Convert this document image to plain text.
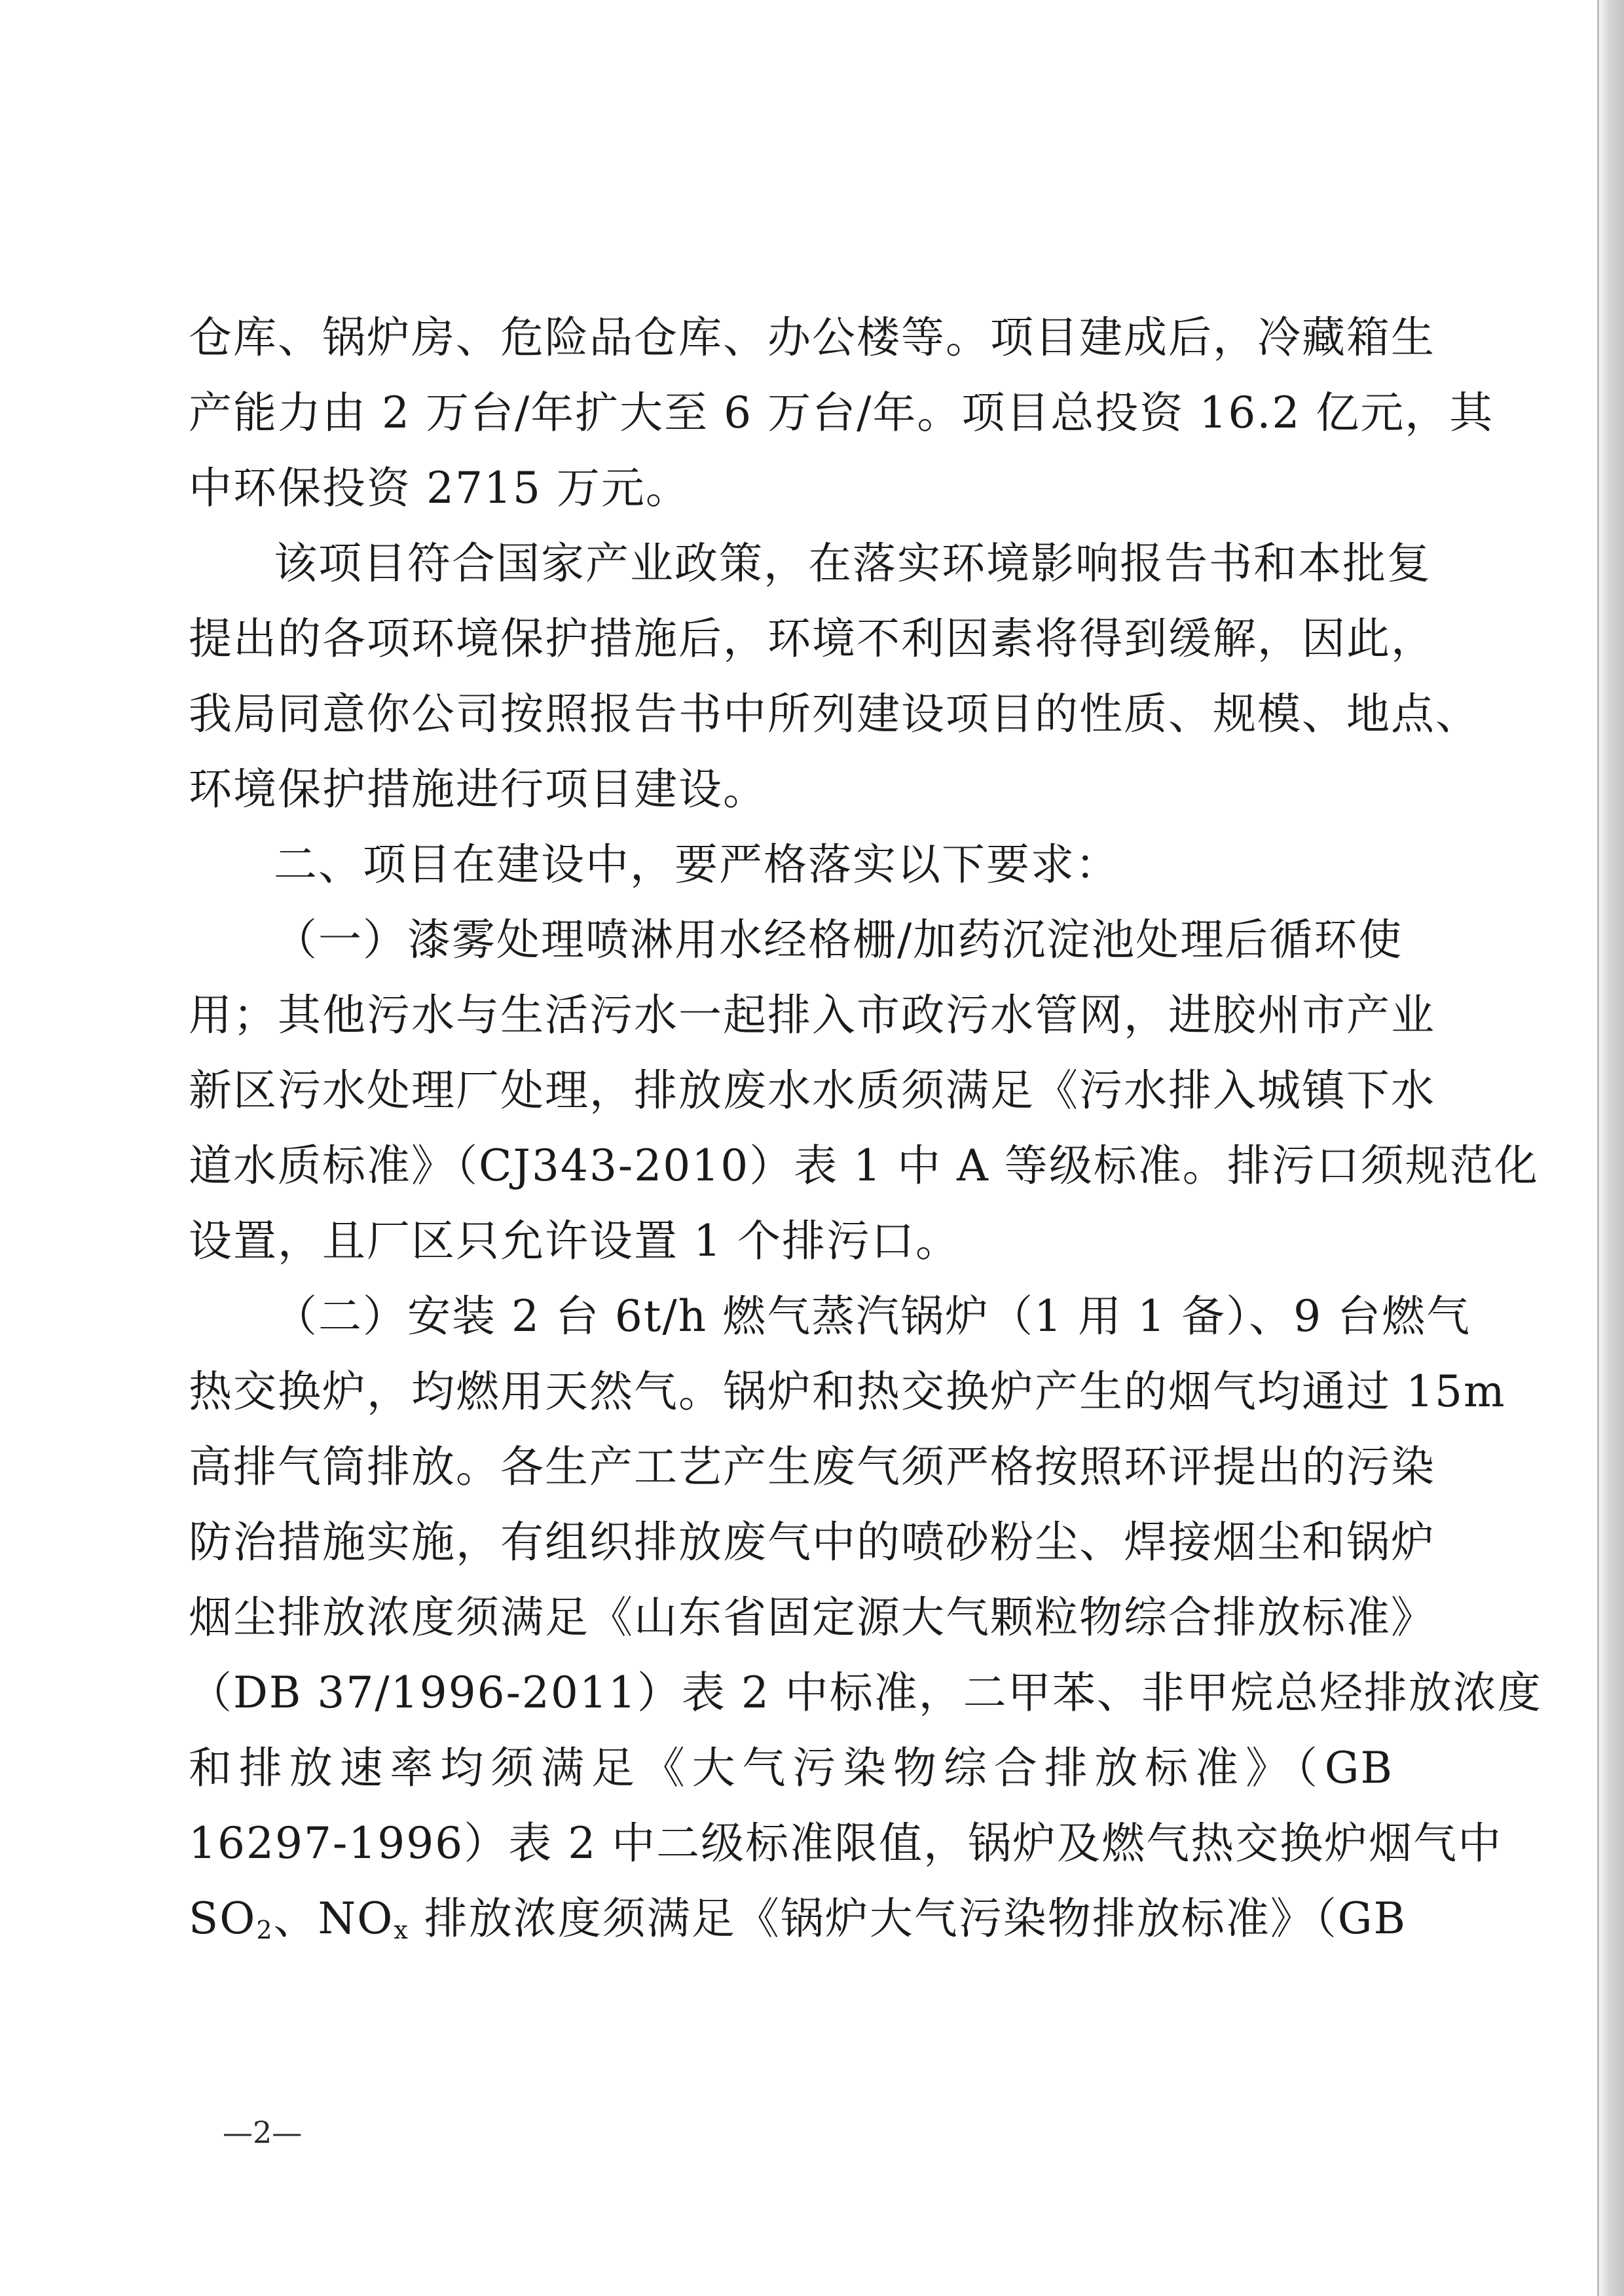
仓库、锅炉房、危险品仓库、办公楼等。项目建成后，冷藏箱生
产能力由 2 万台/年扩大至 6 万台/年。项目总投资 16.2 亿元，其
中环保投资 2715 万元。
该项目符合国家产业政策，在落实环境影响报告书和本批复
提出的各项环境保护措施后，环境不利因素将得到缓解，因此，
我局同意你公司按照报告书中所列建设项目的性质、规模、地点、
环境保护措施进行项目建设。
二、项目在建设中，要严格落实以下要求：
（一）漆雾处理喷淋用水经格栅/加药沉淀池处理后循环使
用；其他污水与生活污水一起排入市政污水管网，进胶州市产业
新区污水处理厂处理，排放废水水质须满足《污水排入城镇下水
道水质标准》（CJ343-2010）表 1 中 A 等级标准。排污口须规范化
设置，且厂区只允许设置 1 个排污口。
（二）安装 2 台 6t/h 燃气蒸汽锅炉（1 用 1 备）、9 台燃气
热交换炉，均燃用天然气。锅炉和热交换炉产生的烟气均通过 15m
高排气筒排放。各生产工艺产生废气须严格按照环评提出的污染
防治措施实施，有组织排放废气中的喷砂粉尘、焊接烟尘和锅炉
烟尘排放浓度须满足《山东省固定源大气颗粒物综合排放标准》
（DB 37/1996-2011）表 2 中标准，二甲苯、非甲烷总烃排放浓度
和排放速率均须满足《大气污染物综合排放标准》（GB
16297-1996）表 2 中二级标准限值，锅炉及燃气热交换炉烟气中
$SO_2$、$NO_x$ 排放浓度须满足《锅炉大气污染物排放标准》（GB
—2—
